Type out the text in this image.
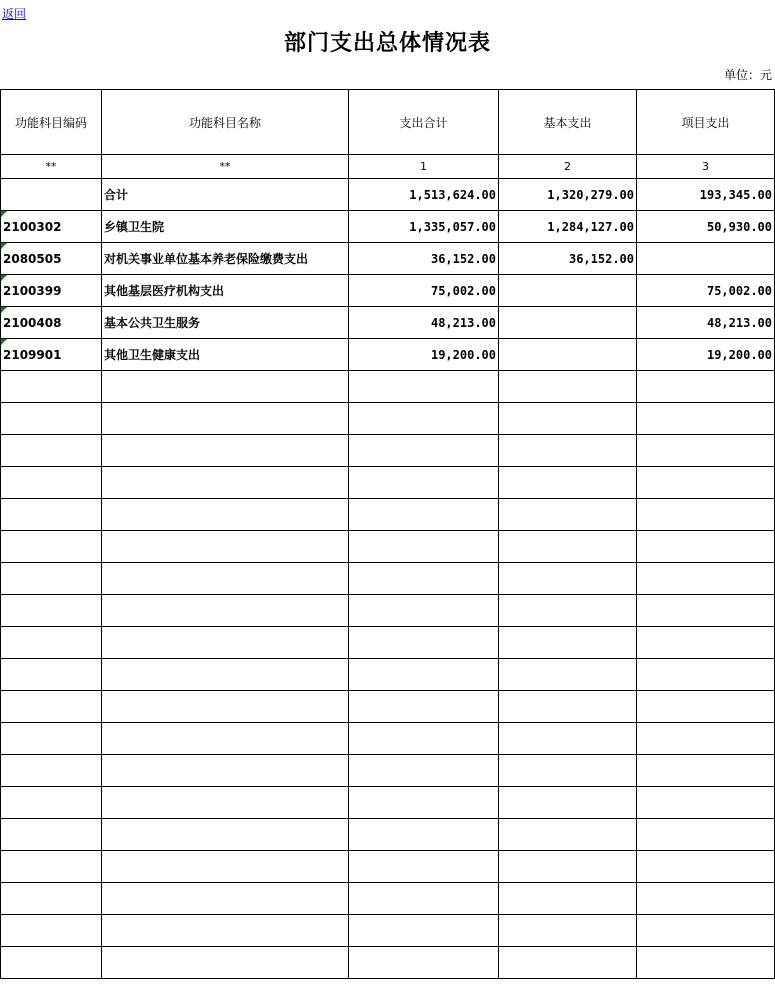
返回
部门支出总体情况表
单位：元
功能科目编码	功能科目名称	支出合计	基本支出	项目支出
**	**	1	2	3
	合计	1,513,624.00	1,320,279.00	193,345.00

2100302	乡镇卫生院	1,335,057.00	1,284,127.00	50,930.00

2080505	对机关事业单位基本养老保险缴费支出	36,152.00	36,152.00	

2100399	其他基层医疗机构支出	75,002.00		75,002.00

2100408	基本公共卫生服务	48,213.00		48,213.00

2109901	其他卫生健康支出	19,200.00		19,200.00
